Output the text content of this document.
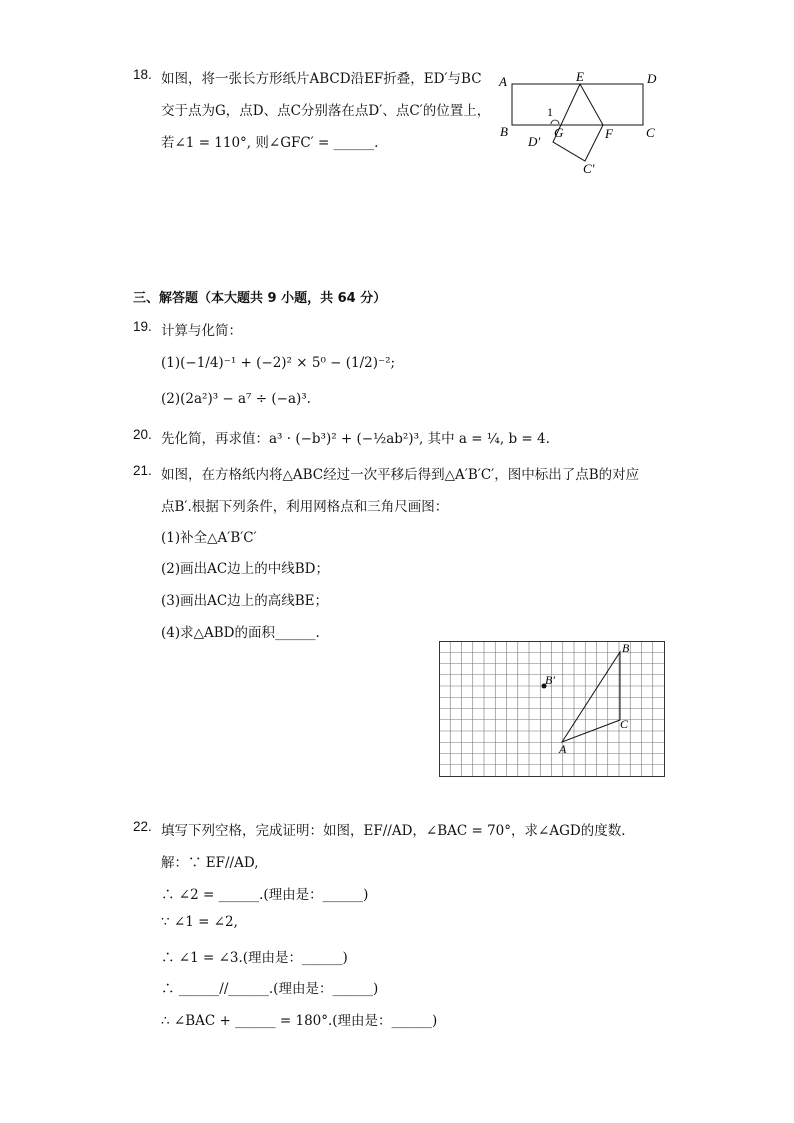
18. 如图，将一张长方形纸片ABCD沿EF折叠，ED′与BC
交于点为G，点D、点C分别落在点D′、点C′的位置上，
若∠1 = 110°, 则∠GFC′ = ______.
A	E	D
B	G	F	C
D′
C′
1
三、解答题（本大题共 9 小题，共 64 分）
19. 计算与化简：
(1)(−1/4)⁻¹ + (−2)² × 5⁰ − (1/2)⁻²;
(2)(2a²)³ − a⁷ ÷ (−a)³.
20. 先化简，再求值：a³ · (−b³)² + (−½ab²)³, 其中 a = ¼, b = 4.
21. 如图，在方格纸内将△ABC经过一次平移后得到△A′B′C′，图中标出了点B的对应
点B′.根据下列条件，利用网格点和三角尺画图：
(1)补全△A′B′C′
(2)画出AC边上的中线BD；
(3)画出AC边上的高线BE；
(4)求△ABD的面积______.
B
B′
C
A
22. 填写下列空格，完成证明：如图，EF//AD，∠BAC = 70°，求∠AGD的度数.
解：∵ EF//AD,
∴ ∠2 = ______.(理由是：______)
∵ ∠1 = ∠2,
∴ ∠1 = ∠3.(理由是：______)
∴ ______//______.(理由是：______)
∴ ∠BAC + ______ = 180°.(理由是：______)
